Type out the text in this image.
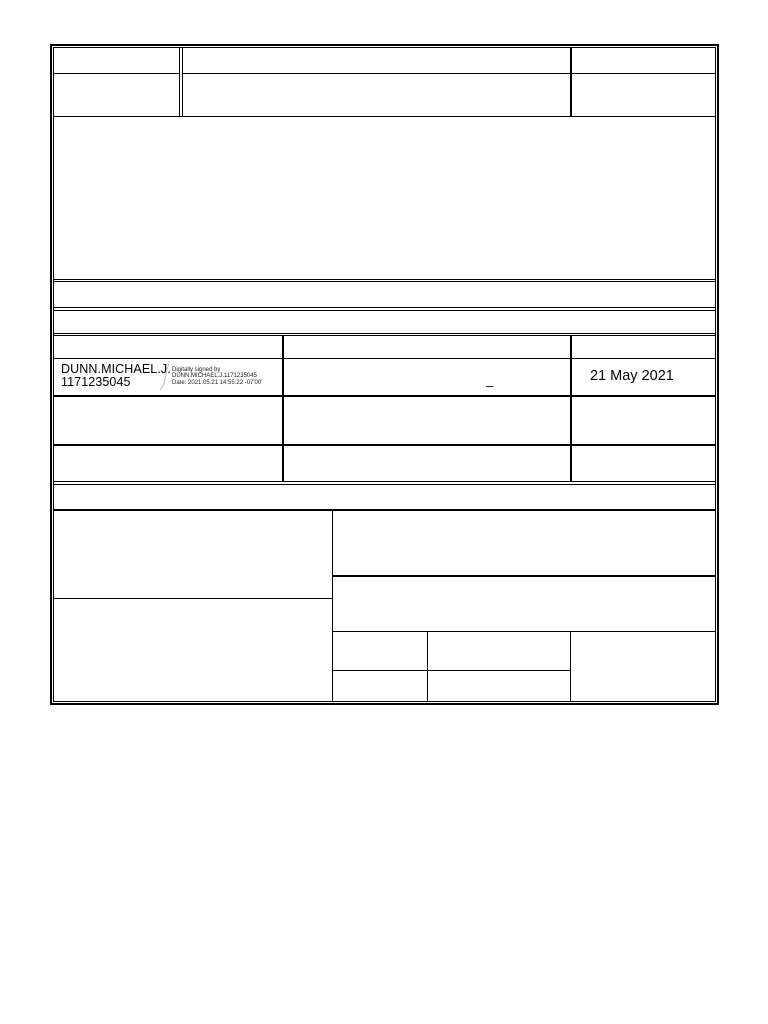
DUNN.MICHAEL.J.
1171235045
Digitally signed by
DUNN.MICHAEL.J.1171235045
Date: 2021.05.21 14:55:22 -07'00'	–
21 May 2021
